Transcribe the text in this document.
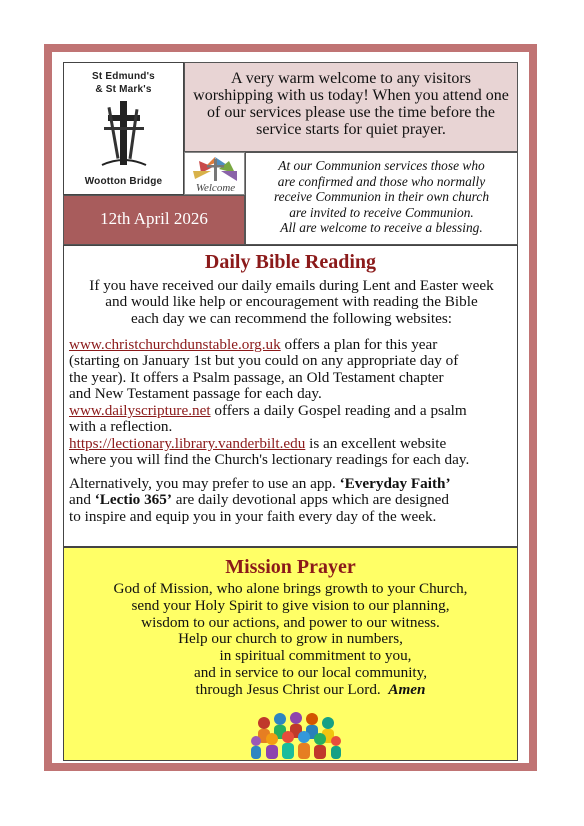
St Edmund's
& St Mark's
Wootton Bridge
A very warm welcome to any visitors
worshipping with us today! When you attend one
of our services please use the time before the
service starts for quiet prayer.
Welcome
At our Communion services those who
are confirmed and those who normally
receive Communion in their own church
are invited to receive Communion.
All are welcome to receive a blessing.
12th April 2026
Daily Bible Reading
If you have received our daily emails during Lent and Easter week
and would like help or encouragement with reading the Bible
each day we can recommend the following websites:
www.christchurchdunstable.org.uk offers a plan for this year
(starting on January 1st but you could on any appropriate day of
the year). It offers a Psalm passage, an Old Testament chapter
and New Testament passage for each day.
www.dailyscripture.net offers a daily Gospel reading and a psalm
with a reflection.
https://lectionary.library.vanderbilt.edu is an excellent website
where you will find the Church's lectionary readings for each day.
Alternatively, you may prefer to use an app. ‘Everyday Faith’
and ‘Lectio 365’ are daily devotional apps which are designed
to inspire and equip you in your faith every day of the week.
Mission Prayer
God of Mission, who alone brings growth to your Church,
send your Holy Spirit to give vision to our planning,
wisdom to our actions, and power to our witness.
Help our church to grow in numbers,
in spiritual commitment to you,
and in service to our local community,
through Jesus Christ our Lord. Amen
